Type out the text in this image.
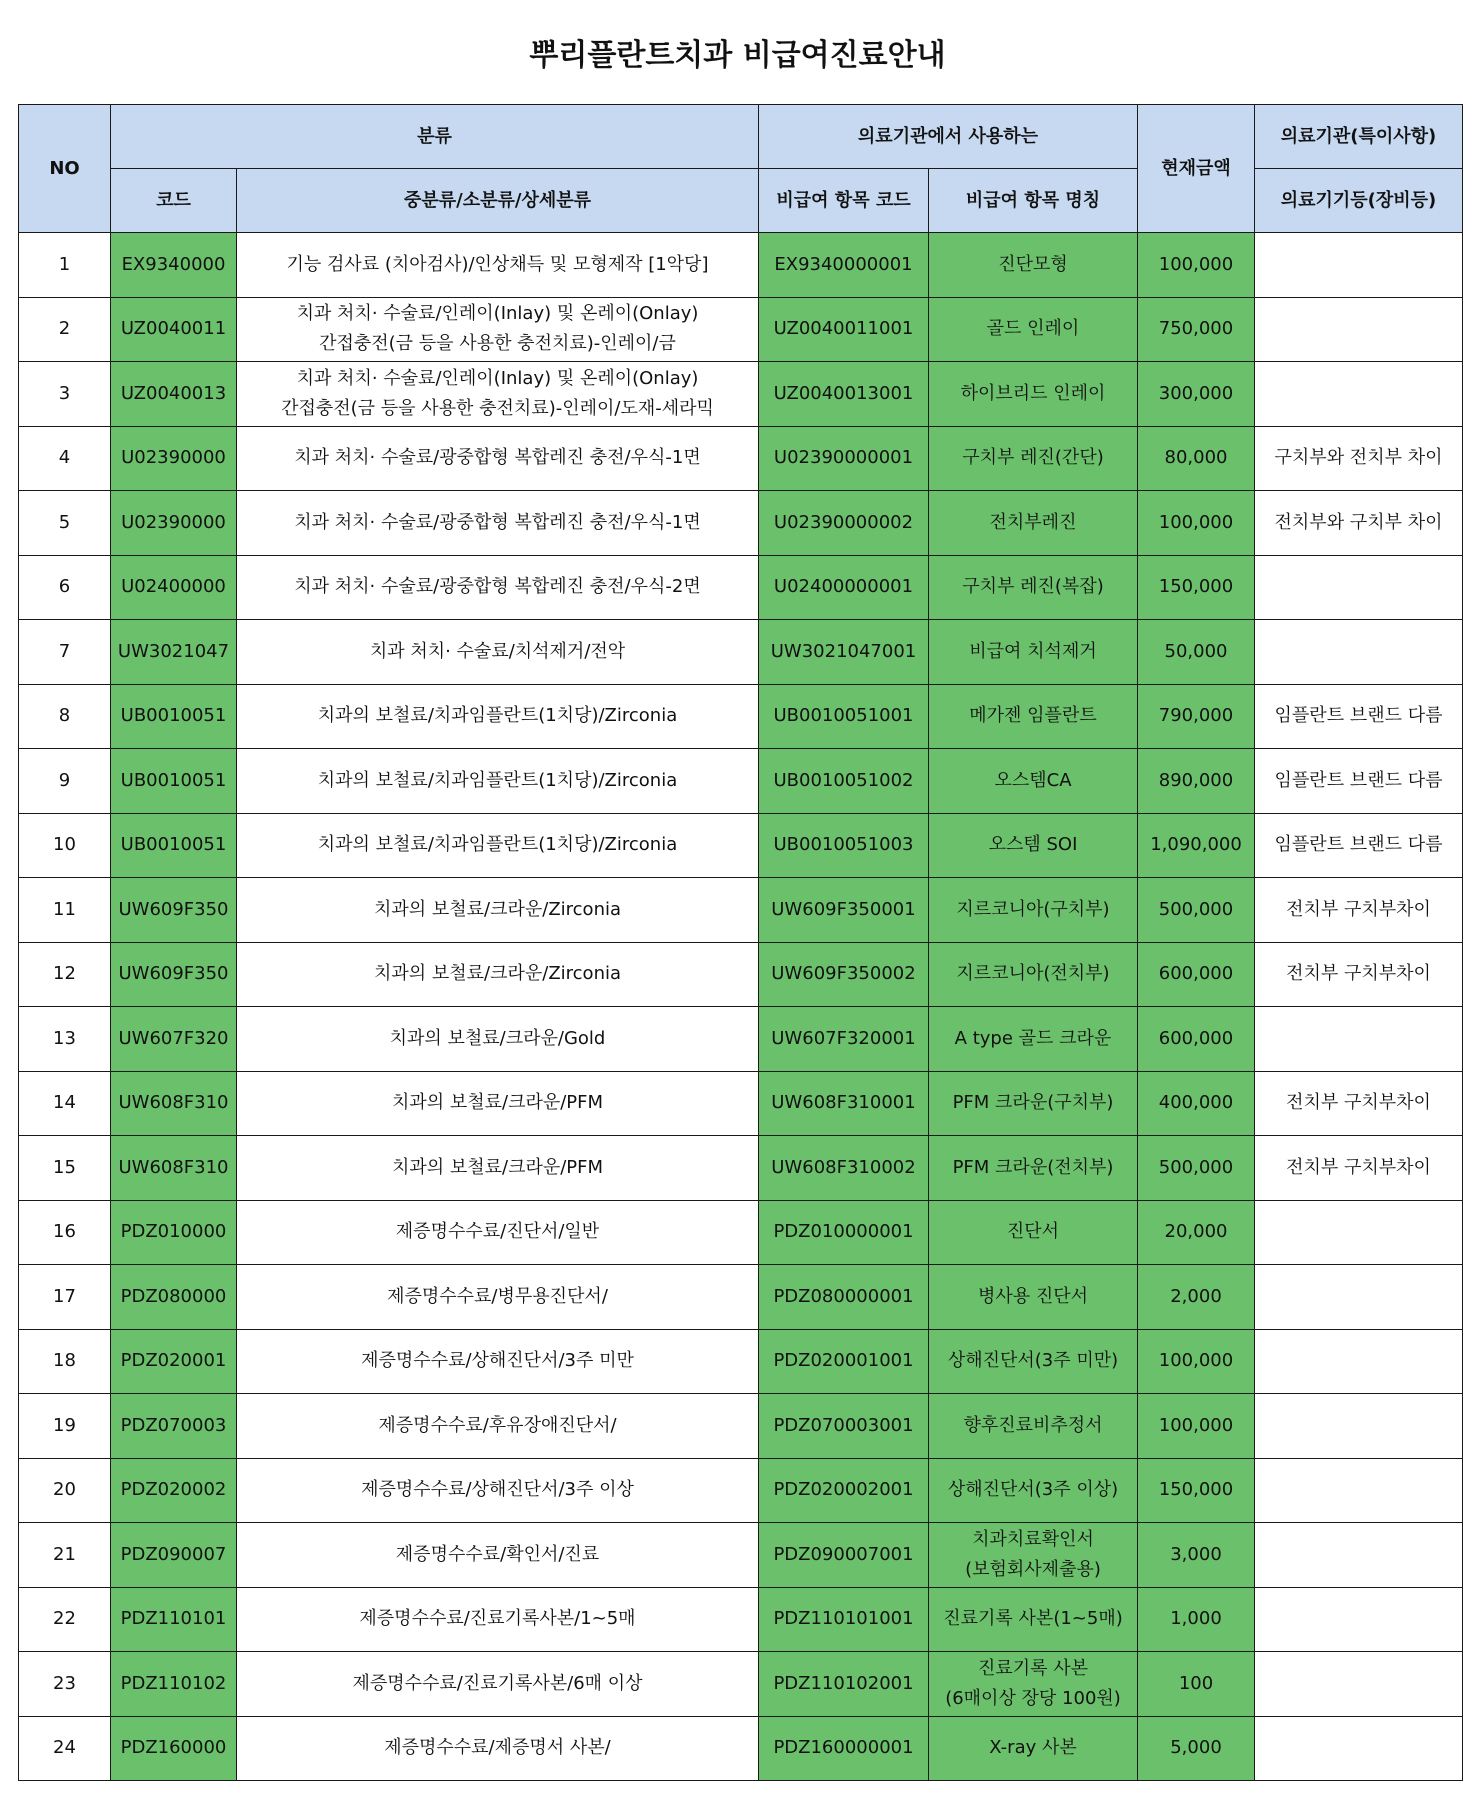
뿌리플란트치과 비급여진료안내
NO	분류		의료기관에서 사용하는		현재금액	의료기관(특이사항)
	코드	중분류/소분류/상세분류	비급여 항목 코드	비급여 항목 명칭		의료기기등(장비등)

1	EX9340000	기능 검사료 (치아검사)/인상채득 및 모형제작 [1악당]	EX9340000001	진단모형	100,000	

2	UZ0040011	치과 처치· 수술료/인레이(Inlay) 및 온레이(Onlay)
간접충전(금 등을 사용한 충전치료)-인레이/금	UZ0040011001	골드 인레이	750,000	

3	UZ0040013	치과 처치· 수술료/인레이(Inlay) 및 온레이(Onlay)
간접충전(금 등을 사용한 충전치료)-인레이/도재-세라믹	UZ0040013001	하이브리드 인레이	300,000	

4	U02390000	치과 처치· 수술료/광중합형 복합레진 충전/우식-1면	U02390000001	구치부 레진(간단)	80,000	구치부와 전치부 차이

5	U02390000	치과 처치· 수술료/광중합형 복합레진 충전/우식-1면	U02390000002	전치부레진	100,000	전치부와 구치부 차이

6	U02400000	치과 처치· 수술료/광중합형 복합레진 충전/우식-2면	U02400000001	구치부 레진(복잡)	150,000	

7	UW3021047	치과 처치· 수술료/치석제거/전악	UW3021047001	비급여 치석제거	50,000	

8	UB0010051	치과의 보철료/치과임플란트(1치당)/Zirconia	UB0010051001	메가젠 임플란트	790,000	임플란트 브랜드 다름

9	UB0010051	치과의 보철료/치과임플란트(1치당)/Zirconia	UB0010051002	오스템CA	890,000	임플란트 브랜드 다름

10	UB0010051	치과의 보철료/치과임플란트(1치당)/Zirconia	UB0010051003	오스템 SOI	1,090,000	임플란트 브랜드 다름

11	UW609F350	치과의 보철료/크라운/Zirconia	UW609F350001	지르코니아(구치부)	500,000	전치부 구치부차이

12	UW609F350	치과의 보철료/크라운/Zirconia	UW609F350002	지르코니아(전치부)	600,000	전치부 구치부차이

13	UW607F320	치과의 보철료/크라운/Gold	UW607F320001	A type 골드 크라운	600,000	

14	UW608F310	치과의 보철료/크라운/PFM	UW608F310001	PFM 크라운(구치부)	400,000	전치부 구치부차이

15	UW608F310	치과의 보철료/크라운/PFM	UW608F310002	PFM 크라운(전치부)	500,000	전치부 구치부차이

16	PDZ010000	제증명수수료/진단서/일반	PDZ010000001	진단서	20,000	

17	PDZ080000	제증명수수료/병무용진단서/	PDZ080000001	병사용 진단서	2,000	

18	PDZ020001	제증명수수료/상해진단서/3주 미만	PDZ020001001	상해진단서(3주 미만)	100,000	

19	PDZ070003	제증명수수료/후유장애진단서/	PDZ070003001	향후진료비추정서	100,000	

20	PDZ020002	제증명수수료/상해진단서/3주 이상	PDZ020002001	상해진단서(3주 이상)	150,000	

21	PDZ090007	제증명수수료/확인서/진료	PDZ090007001	치과치료확인서
(보험회사제출용)	3,000	

22	PDZ110101	제증명수수료/진료기록사본/1~5매	PDZ110101001	진료기록 사본(1~5매)	1,000	

23	PDZ110102	제증명수수료/진료기록사본/6매 이상	PDZ110102001	진료기록 사본
(6매이상 장당 100원)	100	

24	PDZ160000	제증명수수료/제증명서 사본/	PDZ160000001	X-ray 사본	5,000	
